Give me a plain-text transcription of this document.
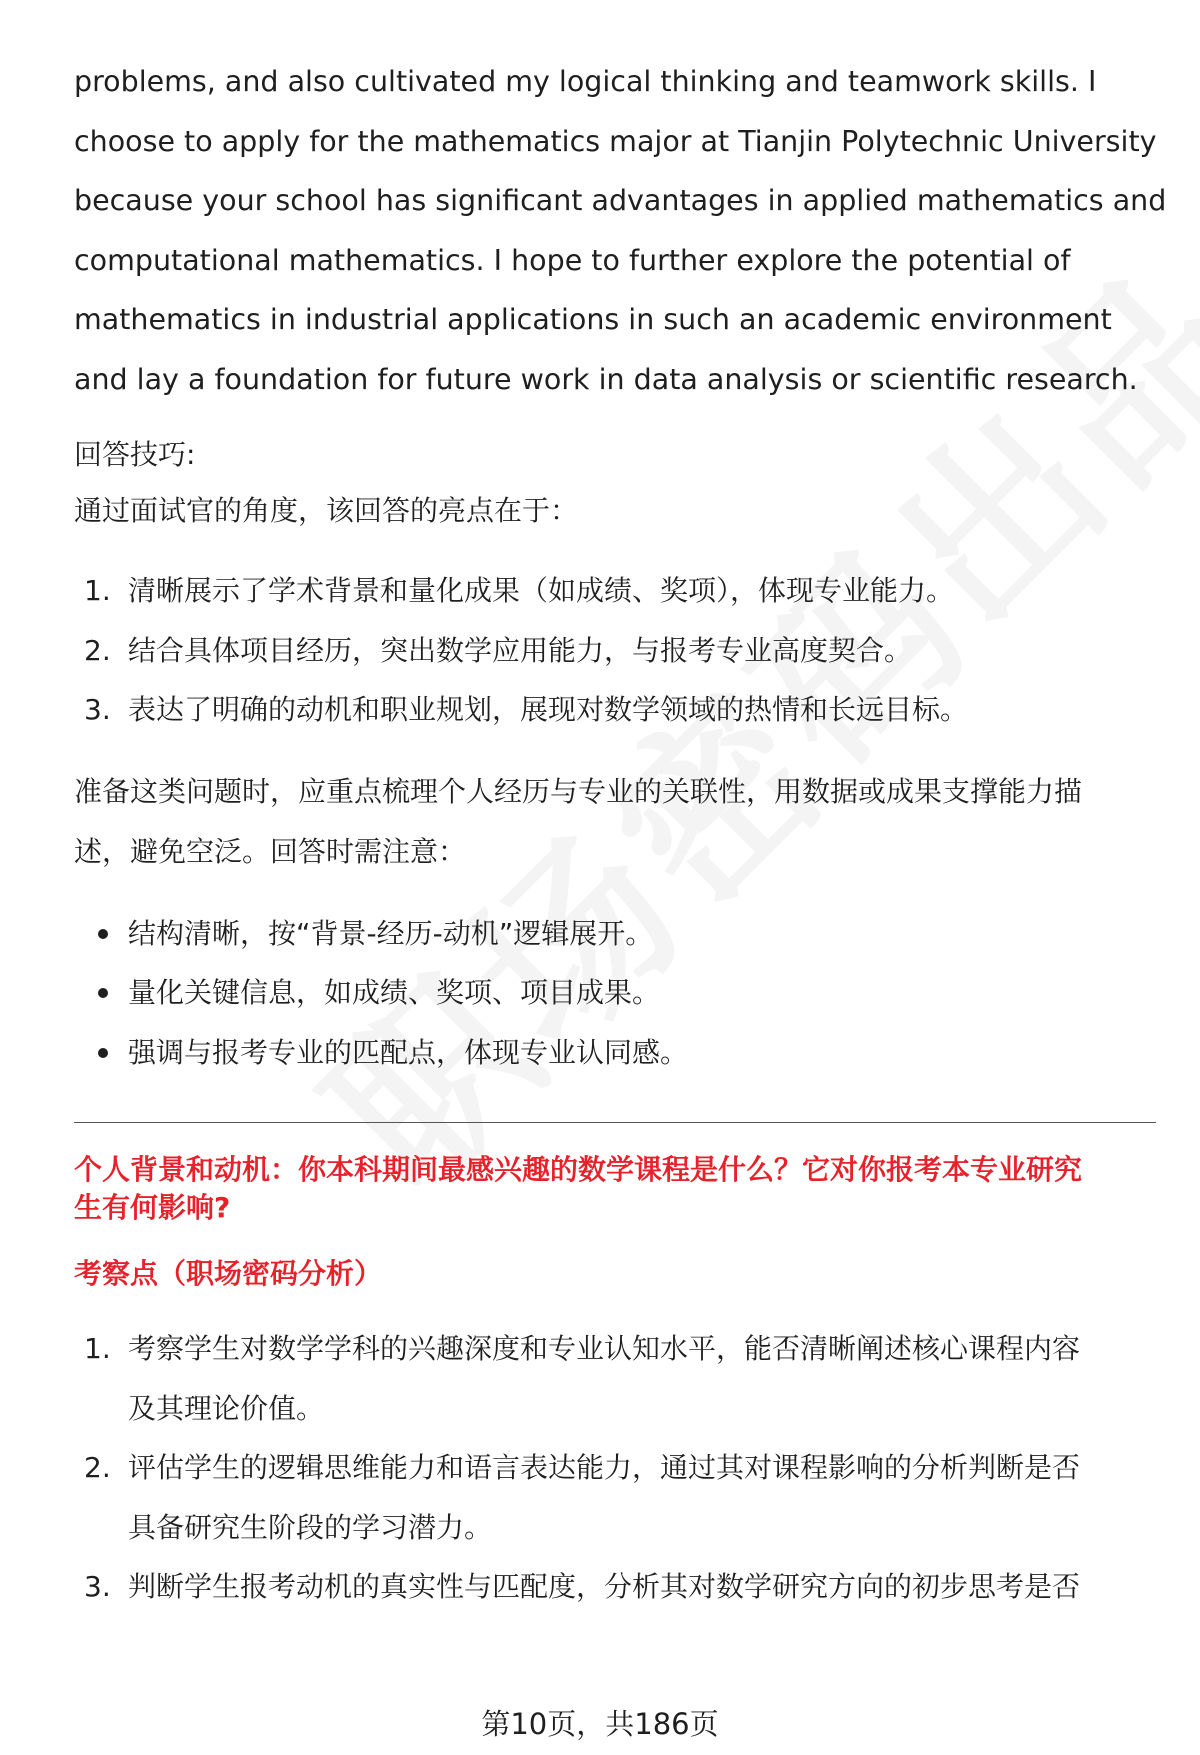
problems, and also cultivated my logical thinking and teamwork skills. I
choose to apply for the mathematics major at Tianjin Polytechnic University
because your school has significant advantages in applied mathematics and
computational mathematics. I hope to further explore the potential of
mathematics in industrial applications in such an academic environment
and lay a foundation for future work in data analysis or scientific research.

回答技巧:

通过面试官的角度，该回答的亮点在于：

1. 清晰展示了学术背景和量化成果（如成绩、奖项），体现专业能力。
2. 结合具体项目经历，突出数学应用能力，与报考专业高度契合。
3. 表达了明确的动机和职业规划，展现对数学领域的热情和长远目标。

准备这类问题时，应重点梳理个人经历与专业的关联性，用数据或成果支撑能力描
述，避免空泛。回答时需注意：

结构清晰，按“背景-经历-动机”逻辑展开。
量化关键信息，如成绩、奖项、项目成果。
强调与报考专业的匹配点，体现专业认同感。

个人背景和动机：你本科期间最感兴趣的数学课程是什么？它对你报考本专业研究
生有何影响?

考察点（职场密码分析）

1. 考察学生对数学学科的兴趣深度和专业认知水平，能否清晰阐述核心课程内容
及其理论价值。
2. 评估学生的逻辑思维能力和语言表达能力，通过其对课程影响的分析判断是否
具备研究生阶段的学习潜力。
3. 判断学生报考动机的真实性与匹配度，分析其对数学研究方向的初步思考是否
第10页，共186页
